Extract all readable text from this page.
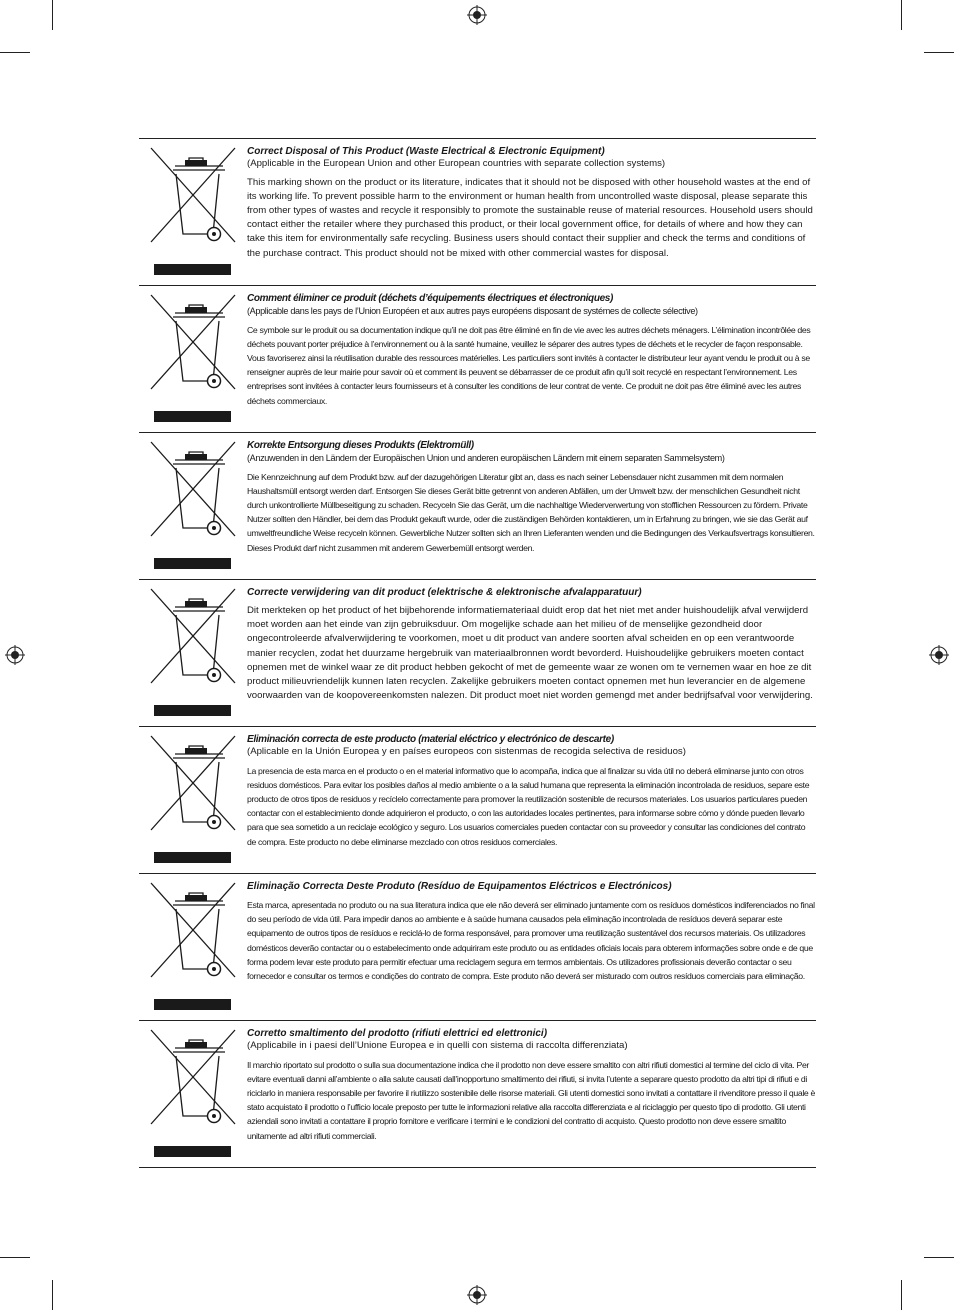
Correct Disposal of This Product (Waste Electrical & Electronic Equipment)

(Applicable in the European Union and other European countries with separate collection systems)

This marking shown on the product or its literature, indicates that it should not be disposed with other household wastes at the end of its working life. To prevent possible harm to the environment or human health from uncontrolled waste disposal, please separate this from other types of wastes and recycle it responsibly to promote the sustainable reuse of material resources. Household users should contact either the retailer where they purchased this product, or their local government office, for details of where and how they can take this item for environmentally safe recycling. Business users should contact their supplier and check the terms and conditions of the purchase contract. This product should not be mixed with other commercial wastes for disposal.

Comment éliminer ce produit (déchets d’équipements électriques et électroniques)

(Applicable dans les pays de l’Union Européen et aux autres pays européens disposant de systémes de collecte sélective)

Ce symbole sur le produit ou sa documentation indique qu’il ne doit pas être éliminé en fin de vie avec les autres déchets ménagers. L’élimination incontrôlée des déchets pouvant porter préjudice à l’environnement ou à la santé humaine, veuillez le séparer des autres types de déchets et le recycler de façon responsable. Vous favoriserez ainsi la réutilisation durable des ressources matérielles. Les particuliers sont invités à contacter le distributeur leur ayant vendu le produit ou à se renseigner auprès de leur mairie pour savoir où et comment ils peuvent se débarrasser de ce produit afin qu’il soit recyclé en respectant l’environnement. Les entreprises sont invitées à contacter leurs fournisseurs et à consulter les conditions de leur contrat de vente. Ce produit ne doit pas être éliminé avec les autres déchets commerciaux.

Korrekte Entsorgung dieses Produkts (Elektromüll)

(Anzuwenden in den Ländern der Europäischen Union und anderen europäischen Ländern mit einem separaten Sammelsystem)

Die Kennzeichnung auf dem Produkt bzw. auf der dazugehörigen Literatur gibt an, dass es nach seiner Lebensdauer nicht zusammen mit dem normalen Haushaltsmüll entsorgt werden darf. Entsorgen Sie dieses Gerät bitte getrennt von anderen Abfällen, um der Umwelt bzw. der menschlichen Gesundheit nicht durch unkontrollierte Müllbeseitigung zu schaden. Recyceln Sie das Gerät, um die nachhaltige Wiederverwertung von stofflichen Ressourcen zu fördern. Private Nutzer sollten den Händler, bei dem das Produkt gekauft wurde, oder die zuständigen Behörden kontaktieren, um in Erfahrung zu bringen, wie sie das Gerät auf umweltfreundliche Weise recyceln können. Gewerbliche Nutzer sollten sich an Ihren Lieferanten wenden und die Bedingungen des Verkaufsvertrags konsultieren. Dieses Produkt darf nicht zusammen mit anderem Gewerbemüll entsorgt werden.

Correcte verwijdering van dit product (elektrische & elektronische afvalapparatuur)

Dit merkteken op het product of het bijbehorende informatiemateriaal duidt erop dat het niet met ander huishoudelijk afval verwijderd moet worden aan het einde van zijn gebruiksduur. Om mogelijke schade aan het milieu of de menselijke gezondheid door ongecontroleerde afvalverwijdering te voorkomen, moet u dit product van andere soorten afval scheiden en op een verantwoorde manier recyclen, zodat het duurzame hergebruik van materiaalbronnen wordt bevorderd. Huishoudelijke gebruikers moeten contact opnemen met de winkel waar ze dit product hebben gekocht of met de gemeente waar ze wonen om te vernemen waar en hoe ze dit product milieuvriendelijk kunnen laten recyclen. Zakelijke gebruikers moeten contact opnemen met hun leverancier en de algemene voorwaarden van de koopovereenkomsten nalezen. Dit product moet niet worden gemengd met ander bedrijfsafval voor verwijdering.

Eliminación correcta de este producto (material eléctrico y electrónico de descarte)

(Aplicable en la Unión Europea y en países europeos con sistenmas de recogida selectiva de residuos)

La presencia de esta marca en el producto o en el material informativo que lo acompaña, indica que al finalizar su vida útil no deberá eliminarse junto con otros residuos domésticos. Para evitar los posibles daños al medio ambiente o a la salud humana que representa la eliminación incontrolada de residuos, separe este producto de otros tipos de residuos y recíclelo correctamente para promover la reutilización sostenible de recursos materiales. Los usuarios particulares pueden contactar con el establecimiento donde adquirieron el producto, o con las autoridades locales pertinentes, para informarse sobre cómo y dónde pueden llevarlo para que sea sometido a un reciclaje ecológico y seguro. Los usuarios comerciales pueden contactar con su proveedor y consultar las condiciones del contrato de compra. Este producto no debe eliminarse mezclado con otros residuos comerciales.

Eliminação Correcta Deste Produto (Resíduo de Equipamentos Eléctricos e Electrónicos)

Esta marca, apresentada no produto ou na sua literatura indica que ele não deverá ser eliminado juntamente com os resíduos domésticos indiferenciados no final do seu período de vida útil. Para impedir danos ao ambiente e à saúde humana causados pela eliminação incontrolada de resíduos deverá separar este equipamento de outros tipos de resíduos e reciclá-lo de forma responsável, para promover uma reutilização sustentável dos recursos materiais. Os utilizadores domésticos deverão contactar ou o estabelecimento onde adquiriram este produto ou as entidades oficiais locais para obterem informações sobre onde e de que forma podem levar este produto para permitir efectuar uma reciclagem segura em termos ambientais. Os utilizadores profissionais deverão contactar o seu fornecedor e consultar os termos e condições do contrato de compra. Este produto não deverá ser misturado com outros resíduos comerciais para eliminação.

Corretto smaltimento del prodotto (rifiuti elettrici ed elettronici)

(Applicabile in i paesi dell’Unione Europea e in quelli con sistema di raccolta differenziata)

Il marchio riportato sul prodotto o sulla sua documentazione indica che il prodotto non deve essere smaltito con altri rifiuti domestici al termine del ciclo di vita. Per evitare eventuali danni all’ambiente o alla salute causati dall’inopportuno smaltimento dei rifiuti, si invita l’utente a separare questo prodotto da altri tipi di rifiuti e di riciclarlo in maniera responsabile per favorire il riutilizzo sostenibile delle risorse materiali. Gli utenti domestici sono invitati a contattare il rivenditore presso il quale è stato acquistato il prodotto o l’ufficio locale preposto per tutte le informazioni relative alla raccolta differenziata e al riciclaggio per questo tipo di prodotto. Gli utenti aziendali sono invitati a contattare il proprio fornitore e verificare i termini e le condizioni del contratto di acquisto. Questo prodotto non deve essere smaltito unitamente ad altri rifiuti commerciali.
